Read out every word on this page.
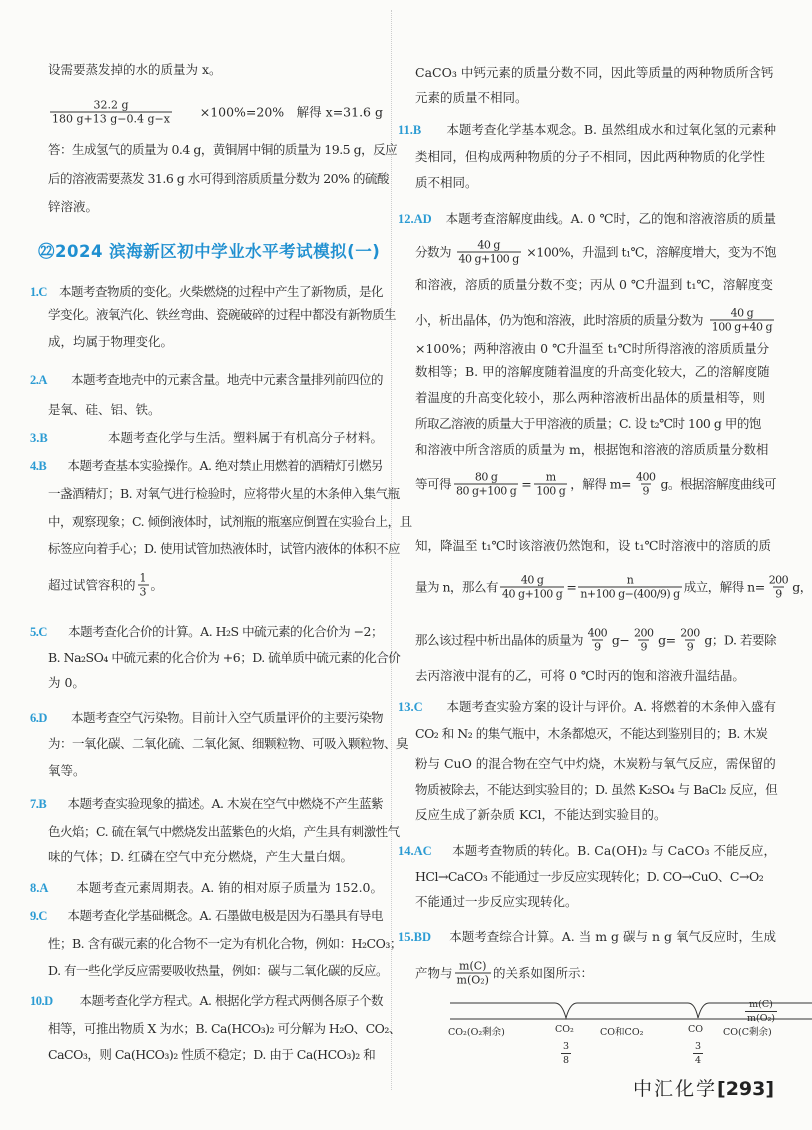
㉒2024 滨海新区初中学业水平考试模拟(一)
设需要蒸发掉的水的质量为 x。
$\frac{32.2 g}{180 g+13 g-0.4 g-x} \times 100\%=20\%$　解得 x=31.6 g
答：生成氢气的质量为 0.4 g，黄铜屑中铜的质量为 19.5 g，反应
后的溶液需要蒸发 31.6 g 水可得到溶质质量分数为 20% 的硫酸
锌溶液。
1.C 本题考查物质的变化。火柴燃烧的过程中产生了新物质，是化
学变化。液氧汽化、铁丝弯曲、瓷碗破碎的过程中都没有新物质生
成，均属于物理变化。
2.A 本题考查地壳中的元素含量。地壳中元素含量排列前四位的
是氧、硅、铝、铁。
3.B	本题考查化学与生活。塑料属于有机高分子材料。
4.B 本题考查基本实验操作。A. 绝对禁止用燃着的酒精灯引燃另
一盏酒精灯；B. 对氧气进行检验时，应将带火星的木条伸入集气瓶
中，观察现象；C. 倾倒液体时，试剂瓶的瓶塞应倒置在实验台上，且
标签应向着手心；D. 使用试管加热液体时，试管内液体的体积不应
超过试管容积的 $\frac{1}{3}$ 。
5.C 本题考查化合价的计算。A. H₂S 中硫元素的化合价为 −2；
B. Na₂SO₄ 中硫元素的化合价为 +6；D. 硫单质中硫元素的化合价
为 0。
6.D 本题考查空气污染物。目前计入空气质量评价的主要污染物
为：一氧化碳、二氧化硫、二氧化氮、细颗粒物、可吸入颗粒物、臭
氧等。
7.B 本题考查实验现象的描述。A. 木炭在空气中燃烧不产生蓝紫
色火焰；C. 硫在氧气中燃烧发出蓝紫色的火焰，产生具有刺激性气
味的气体；D. 红磷在空气中充分燃烧，产生大量白烟。
8.A 本题考查元素周期表。A. 铕的相对原子质量为 152.0。
9.C 本题考查化学基础概念。A. 石墨做电极是因为石墨具有导电
性；B. 含有碳元素的化合物不一定为有机化合物，例如：H₂CO₃；
D. 有一些化学反应需要吸收热量，例如：碳与二氧化碳的反应。
10.D 本题考查化学方程式。A. 根据化学方程式两侧各原子个数
相等，可推出物质 X 为水；B. Ca(HCO₃)₂ 可分解为 H₂O、CO₂、
CaCO₃，则 Ca(HCO₃)₂ 性质不稳定；D. 由于 Ca(HCO₃)₂ 和
CaCO₃ 中钙元素的质量分数不同，因此等质量的两种物质所含钙
元素的质量不相同。
11.B 本题考查化学基本观念。B. 虽然组成水和过氧化氢的元素种
类相同，但构成两种物质的分子不相同，因此两种物质的化学性
质不相同。
12.AD 本题考查溶解度曲线。A. 0 ℃时，乙的饱和溶液溶质的质量
分数为 $\frac{40 g}{40 g+100 g} \times 100\%$，升温到 t₁℃，溶解度增大，变为不饱
和溶液，溶质的质量分数不变；丙从 0 ℃升温到 t₁℃，溶解度变
小，析出晶体，仍为饱和溶液，此时溶质的质量分数为 $\frac{40 g}{100 g+40 g}$
×100%；两种溶液由 0 ℃升温至 t₁℃时所得溶液的溶质质量分
数相等；B. 甲的溶解度随着温度的升高变化较大，乙的溶解度随
着温度的升高变化较小，那么两种溶液析出晶体的质量相等，则
所取乙溶液的质量大于甲溶液的质量；C. 设 t₂℃时 100 g 甲的饱
和溶液中所含溶质的质量为 m，根据饱和溶液的溶质质量分数相
等可得 $\frac{80 g}{80 g+100 g} = \frac{m}{100 g}$ ，解得 $m= \frac{400}{9}$ g。根据溶解度曲线可
知，降温至 t₁℃时该溶液仍然饱和，设 t₁℃时溶液中的溶质的质
量为 n，那么有 $\frac{40 g}{40 g+100 g} = \frac{n}{n+100 g-(400/9) g}$ 成立，解得 $n= \frac{200}{9}$ g，
那么该过程中析出晶体的质量为 $\frac{400}{9} g- \frac{200}{9} g= \frac{200}{9}$ g；D. 若要除
去丙溶液中混有的乙，可将 0 ℃时丙的饱和溶液升温结晶。
13.C 本题考查实验方案的设计与评价。A. 将燃着的木条伸入盛有
CO₂ 和 N₂ 的集气瓶中，木条都熄灭，不能达到鉴别目的；B. 木炭
粉与 CuO 的混合物在空气中灼烧，木炭粉与氧气反应，需保留的
物质被除去，不能达到实验目的；D. 虽然 K₂SO₄ 与 BaCl₂ 反应，但
反应生成了新杂质 KCl，不能达到实验目的。
14.AC 本题考查物质的转化。B. Ca(OH)₂ 与 CaCO₃ 不能反应，
HCl→CaCO₃ 不能通过一步反应实现转化；D. CO→CuO、C→O₂
不能通过一步反应实现转化。
15.BD 本题考查综合计算。A. 当 m g 碳与 n g 氧气反应时，生成
产物与 $\frac{m(C)}{\text{m(O₂)}}$ 的关系如图所示：
CO₂(O₂剩余)	CO₂	CO和CO₂	CO CO(C剩余)
$\frac{3}{8}$	$\frac{3}{4}$
$\frac{m(C)}{\text{m(O₂)}}$
中汇化学[293]
